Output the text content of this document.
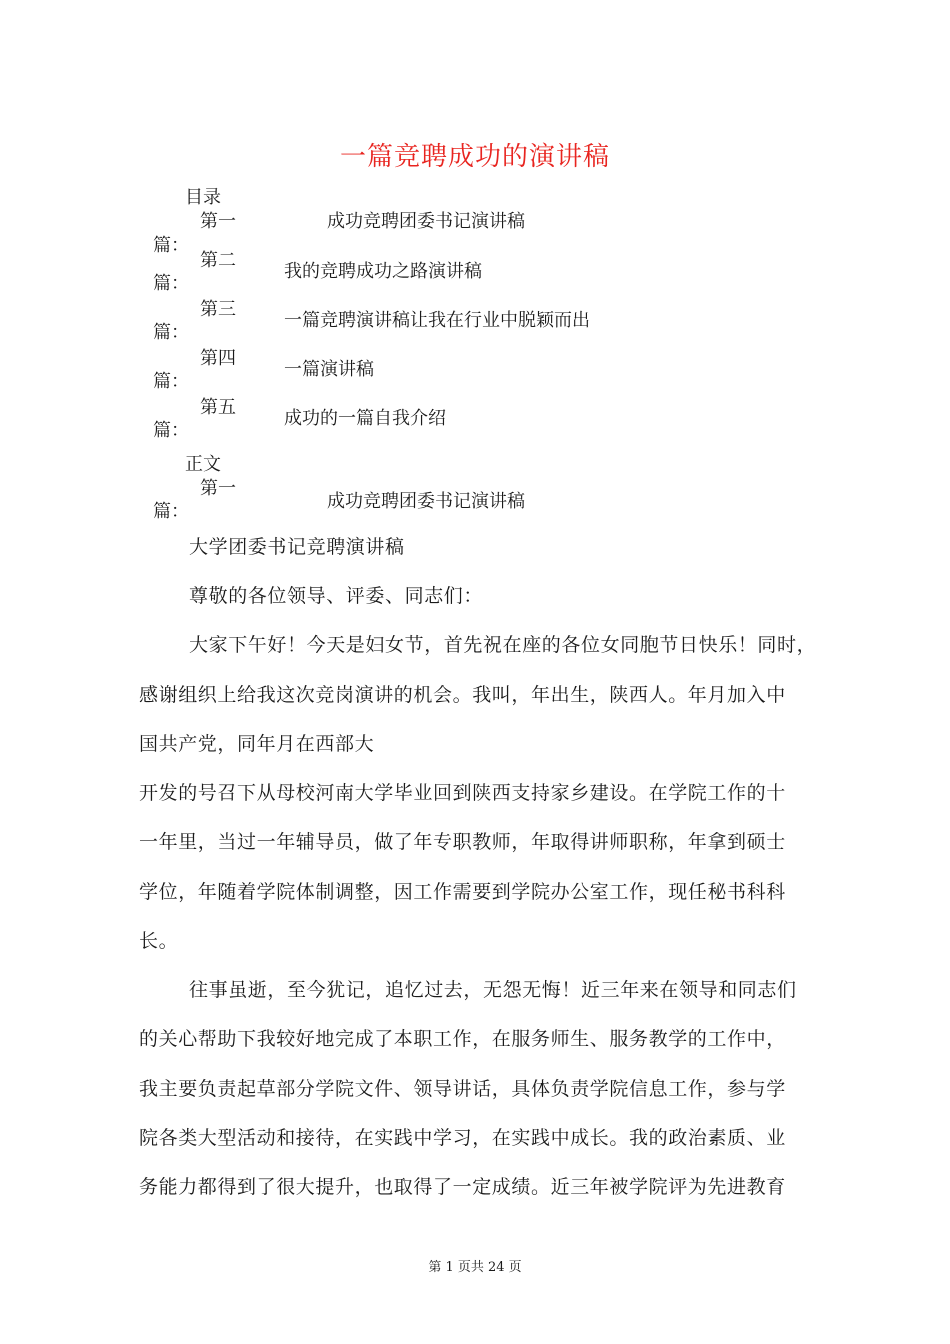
一篇竞聘成功的演讲稿
目录
第一
篇：
成功竞聘团委书记演讲稿
第二
篇：
我的竞聘成功之路演讲稿
第三
篇：
一篇竞聘演讲稿让我在行业中脱颖而出
第四
篇：
一篇演讲稿
第五
篇：
成功的一篇自我介绍
正文
第一
篇：	成功竞聘团委书记演讲稿
大学团委书记竞聘演讲稿
尊敬的各位领导、评委、同志们：
大家下午好！今天是妇女节，首先祝在座的各位女同胞节日快乐！同时，
感谢组织上给我这次竞岗演讲的机会。我叫，年出生，陕西人。年月加入中
国共产党，同年月在西部大
开发的号召下从母校河南大学毕业回到陕西支持家乡建设。在学院工作的十
一年里，当过一年辅导员，做了年专职教师，年取得讲师职称，年拿到硕士
学位，年随着学院体制调整，因工作需要到学院办公室工作，现任秘书科科
长。
往事虽逝，至今犹记，追忆过去，无怨无悔！近三年来在领导和同志们
的关心帮助下我较好地完成了本职工作，在服务师生、服务教学的工作中，
我主要负责起草部分学院文件、领导讲话，具体负责学院信息工作，参与学
院各类大型活动和接待，在实践中学习，在实践中成长。我的政治素质、业
务能力都得到了很大提升，也取得了一定成绩。近三年被学院评为先进教育
第 1 页共 24 页
